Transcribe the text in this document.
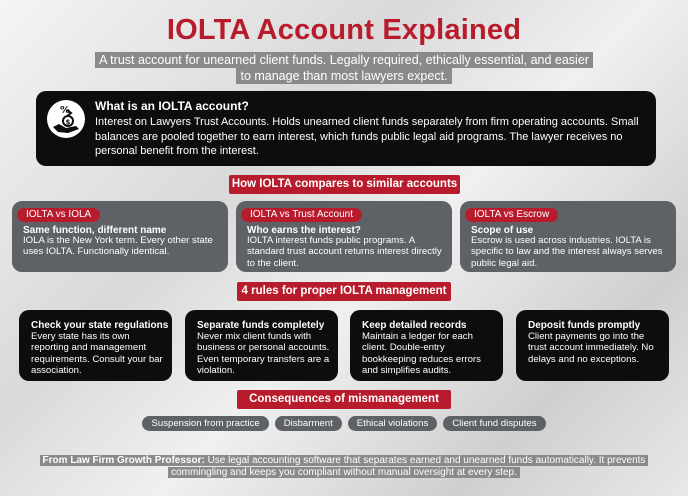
IOLTA Account Explained
A trust account for unearned client funds. Legally required, ethically essential, and easier to manage than most lawyers expect.
%
$
What is an IOLTA account?
Interest on Lawyers Trust Accounts. Holds unearned client funds separately from firm operating accounts. Small balances are pooled together to earn interest, which funds public legal aid programs. The lawyer receives no personal benefit from the interest.
How IOLTA compares to similar accounts
IOLTA vs IOLA
Same function, different name
IOLA is the New York term. Every other state uses IOLTA. Functionally identical.
IOLTA vs Trust Account
Who earns the interest?
IOLTA interest funds public programs. A standard trust account returns interest directly to the client.
IOLTA vs Escrow
Scope of use
Escrow is used across industries. IOLTA is specific to law and the interest always serves public legal aid.
4 rules for proper IOLTA management
Check your state regulations
Every state has its own reporting and management requirements. Consult your bar association.
Separate funds completely
Never mix client funds with business or personal accounts. Even temporary transfers are a violation.
Keep detailed records
Maintain a ledger for each client. Double-entry bookkeeping reduces errors and simplifies audits.
Deposit funds promptly
Client payments go into the trust account immediately. No delays and no exceptions.
Consequences of mismanagement
Suspension from practice	Disbarment	Ethical violations	Client fund disputes
From Law Firm Growth Professor: Use legal accounting software that separates earned and unearned funds automatically. It prevents commingling and keeps you compliant without manual oversight at every step.
